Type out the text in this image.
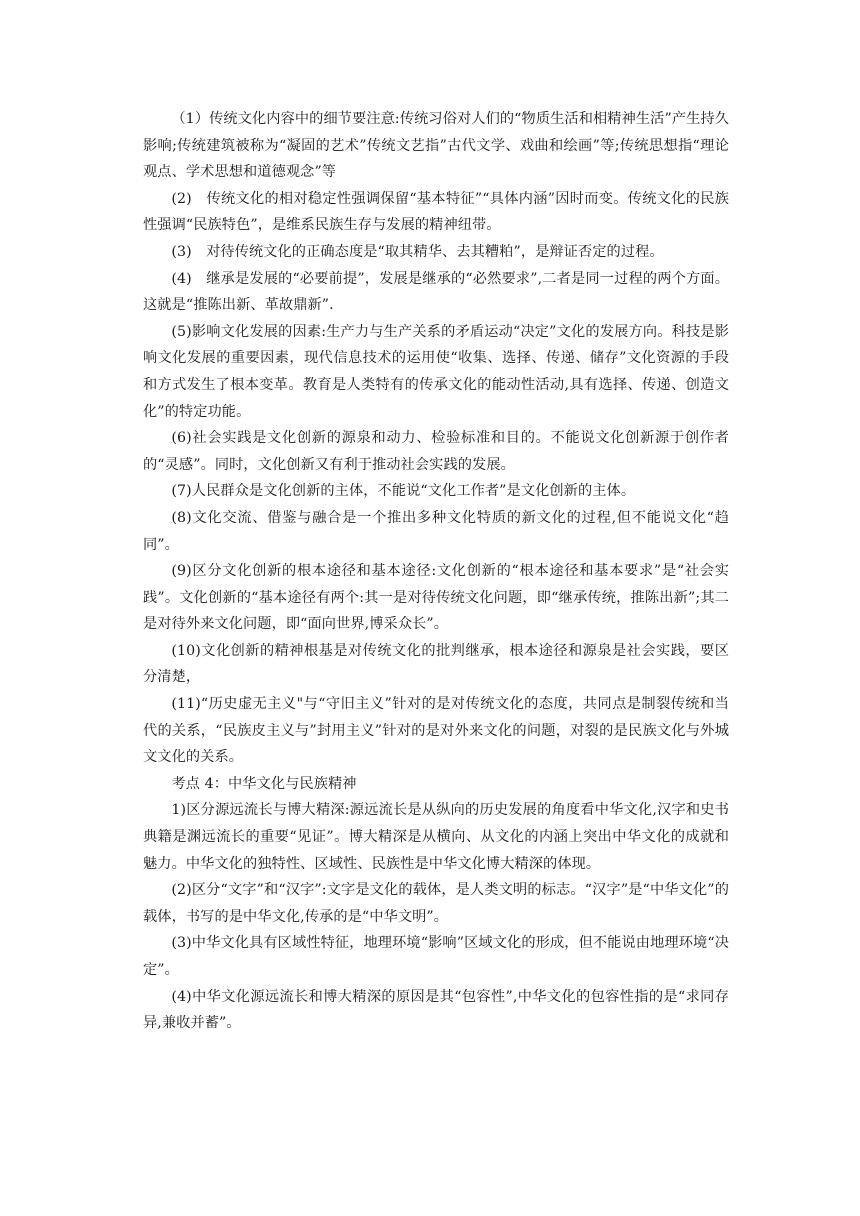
（1）传统文化内容中的细节要注意:传统习俗对人们的“物质生活和相精神生活”产生持久影响;传统建筑被称为“凝固的艺术”传统文艺指”古代文学、戏曲和绘画”等;传统思想指“理论观点、学术思想和道德观念”等

(2)　传统文化的相对稳定性强调保留“基本特征”“具体内涵”因时而变。传统文化的民族性强调“民族特色”，是维系民族生存与发展的精神纽带。

(3)　对待传统文化的正确态度是“取其精华、去其糟粕”，是辩证否定的过程。

(4)　继承是发展的“必要前提”，发展是继承的“必然要求”,二者是同一过程的两个方面。这就是“推陈出新、革故鼎新”.

(5)影响文化发展的因素:生产力与生产关系的矛盾运动“决定”文化的发展方向。科技是影响文化发展的重要因素，现代信息技术的运用使“收集、选择、传递、储存”文化资源的手段和方式发生了根本变革。教育是人类特有的传承文化的能动性活动,具有选择、传递、创造文化”的特定功能。

(6)社会实践是文化创新的源泉和动力、检验标准和目的。不能说文化创新源于创作者的“灵感”。同时，文化创新又有利于推动社会实践的发展。

(7)人民群众是文化创新的主体，不能说“文化工作者”是文化创新的主体。

(8)文化交流、借鉴与融合是一个推出多种文化特质的新文化的过程,但不能说文化“趋同”。

(9)区分文化创新的根本途径和基本途径:文化创新的“根本途径和基本要求”是“社会实践”。文化创新的“基本途径有两个:其一是对待传统文化问题，即“继承传统，推陈出新”;其二是对待外来文化问题，即“面向世界,博采众长”。

(10)文化创新的精神根基是对传统文化的批判继承，根本途径和源泉是社会实践，要区分清楚，

(11)“历史虚无主义"与“守旧主义”针对的是对传统文化的态度，共同点是制裂传统和当代的关系，“民族皮主义与”封用主义”针对的是对外来文化的问题，对裂的是民族文化与外城文文化的关系。

考点 4：中华文化与民族精神

1)区分源远流长与博大精深:源远流长是从纵向的历史发展的角度看中华文化,汉字和史书典籍是渊远流长的重要“见证”。博大精深是从横向、从文化的内涵上突出中华文化的成就和魅力。中华文化的独特性、区域性、民族性是中华文化博大精深的体现。

(2)区分“文字”和“汉字”:文字是文化的载体，是人类文明的标志。“汉字”是“中华文化”的载体，书写的是中华文化,传承的是“中华文明”。

(3)中华文化具有区域性特征，地理环境“影响”区域文化的形成，但不能说由地理环境“决定”。

(4)中华文化源远流长和博大精深的原因是其“包容性”,中华文化的包容性指的是“求同存异,兼收并蓄”。
